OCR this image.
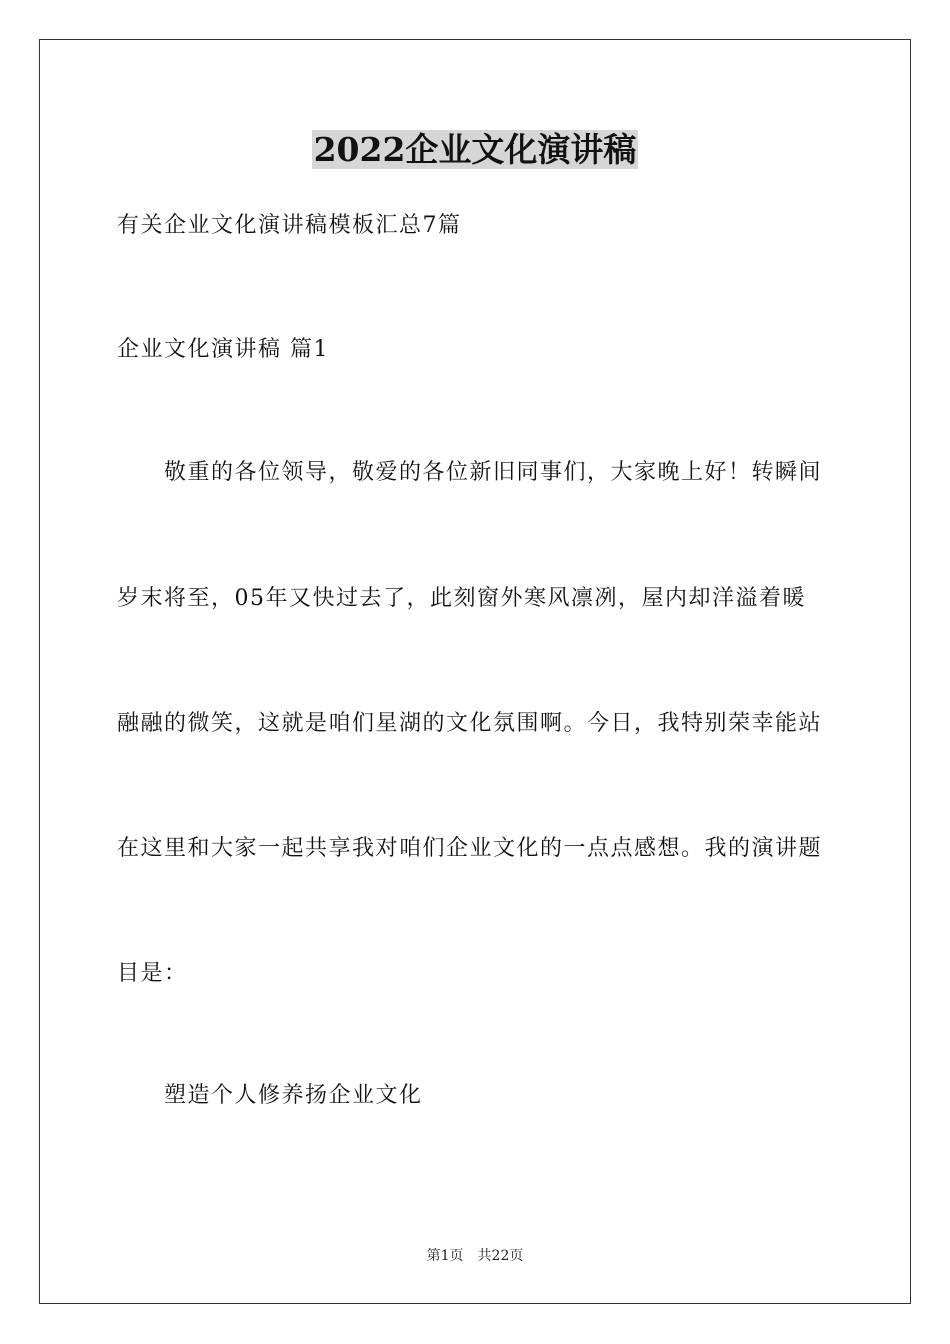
2022企业文化演讲稿
有关企业文化演讲稿模板汇总7篇
企业文化演讲稿 篇1
敬重的各位领导，敬爱的各位新旧同事们，大家晚上好！转瞬间
岁末将至，05年又快过去了，此刻窗外寒风凛冽，屋内却洋溢着暖
融融的微笑，这就是咱们星湖的文化氛围啊。今日，我特别荣幸能站
在这里和大家一起共享我对咱们企业文化的一点点感想。我的演讲题
目是：
塑造个人修养扬企业文化
第1页 共22页
